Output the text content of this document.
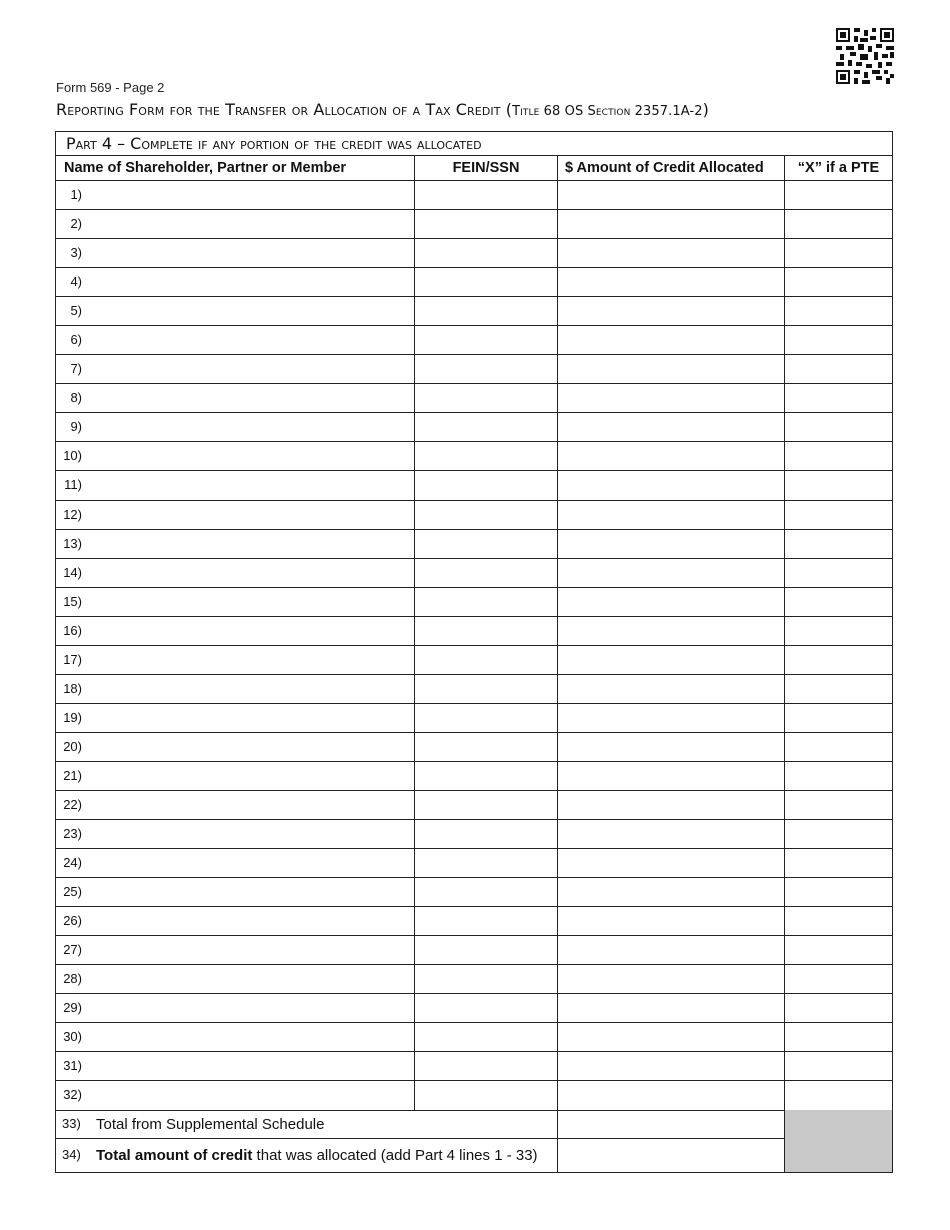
Form 569 - Page 2
Reporting Form for the Transfer or Allocation of a Tax Credit (Title 68 OS Section 2357.1A-2)
Part 4 – Complete if any portion of the credit was allocated
Name of Shareholder, Partner or Member	FEIN/SSN	$ Amount of Credit Allocated	“X” if a PTE
1)
2)
3)
4)
5)
6)
7)
8)
9)
10)
11)
12)
13)
14)
15)
16)
17)
18)
19)
20)
21)
22)
23)
24)
25)
26)
27)
28)
29)
30)
31)
32)
33) Total from Supplemental Schedule
34) Total amount of credit that was allocated (add Part 4 lines 1 - 33)
